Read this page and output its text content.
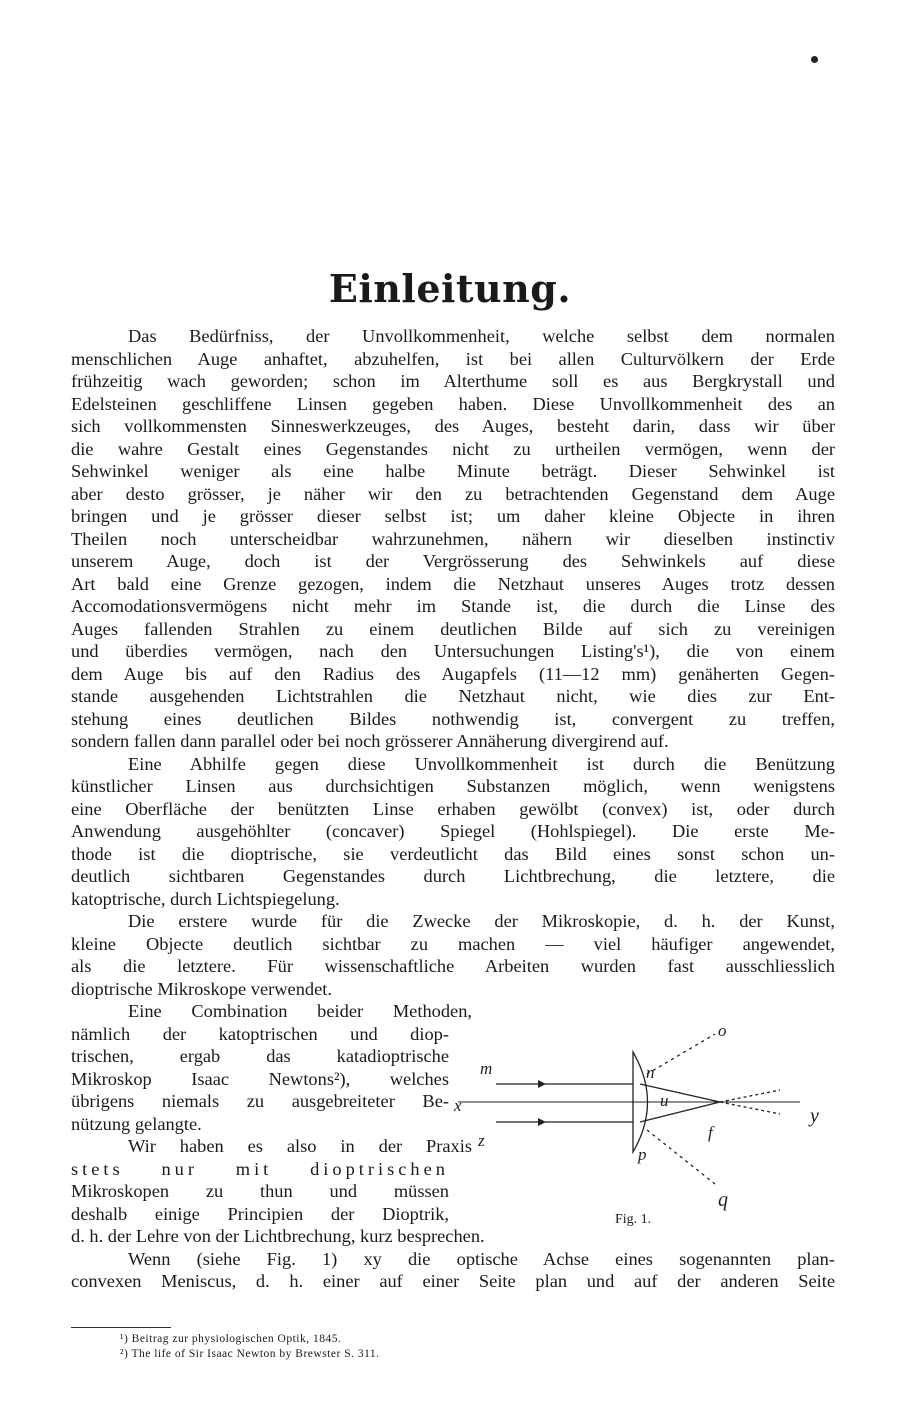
Einleitung.
Das Bedürfniss, der Unvollkommenheit, welche selbst dem normalen
menschlichen Auge anhaftet, abzuhelfen, ist bei allen Culturvölkern der Erde
frühzeitig wach geworden; schon im Alterthume soll es aus Bergkrystall und
Edelsteinen geschliffene Linsen gegeben haben. Diese Unvollkommenheit des an
sich vollkommensten Sinneswerkzeuges, des Auges, besteht darin, dass wir über
die wahre Gestalt eines Gegenstandes nicht zu urtheilen vermögen, wenn der
Sehwinkel weniger als eine halbe Minute beträgt. Dieser Sehwinkel ist
aber desto grösser, je näher wir den zu betrachtenden Gegenstand dem Auge
bringen und je grösser dieser selbst ist; um daher kleine Objecte in ihren
Theilen noch unterscheidbar wahrzunehmen, nähern wir dieselben instinctiv
unserem Auge, doch ist der Vergrösserung des Sehwinkels auf diese
Art bald eine Grenze gezogen, indem die Netzhaut unseres Auges trotz dessen
Accomodationsvermögens nicht mehr im Stande ist, die durch die Linse des
Auges fallenden Strahlen zu einem deutlichen Bilde auf sich zu vereinigen
und überdies vermögen, nach den Untersuchungen Listing's¹), die von einem
dem Auge bis auf den Radius des Augapfels (11—12 mm) genäherten Gegen-
stande ausgehenden Lichtstrahlen die Netzhaut nicht, wie dies zur Ent-
stehung eines deutlichen Bildes nothwendig ist, convergent zu treffen,
sondern fallen dann parallel oder bei noch grösserer Annäherung divergirend auf.
Eine Abhilfe gegen diese Unvollkommenheit ist durch die Benützung
künstlicher Linsen aus durchsichtigen Substanzen möglich, wenn wenigstens
eine Oberfläche der benützten Linse erhaben gewölbt (convex) ist, oder durch
Anwendung ausgehöhlter (concaver) Spiegel (Hohlspiegel). Die erste Me-
thode ist die dioptrische, sie verdeutlicht das Bild eines sonst schon un-
deutlich sichtbaren Gegenstandes durch Lichtbrechung, die letztere, die
katoptrische, durch Lichtspiegelung.
Die erstere wurde für die Zwecke der Mikroskopie, d. h. der Kunst,
kleine Objecte deutlich sichtbar zu machen — viel häufiger angewendet,
als die letztere. Für wissenschaftliche Arbeiten wurden fast ausschliesslich
dioptrische Mikroskope verwendet.
Eine Combination beider Methoden,
nämlich der katoptrischen und diop-
trischen, ergab das katadioptrische
Mikroskop Isaac Newtons²), welches
übrigens niemals zu ausgebreiteter Be-
nützung gelangte.
Wir haben es also in der Praxis
stets nur mit dioptrischen
Mikroskopen zu thun und müssen
deshalb einige Principien der Dioptrik,
d. h. der Lehre von der Lichtbrechung, kurz besprechen.
Wenn (siehe Fig. 1) xy die optische Achse eines sogenannten plan-
convexen Meniscus, d. h. einer auf einer Seite plan und auf der anderen Seite
m
x
z
n
u
p
f
y
o
q
Fig. 1.
¹) Beitrag zur physiologischen Optik, 1845.
²) The life of Sir Isaac Newton by Brewster S. 311.
